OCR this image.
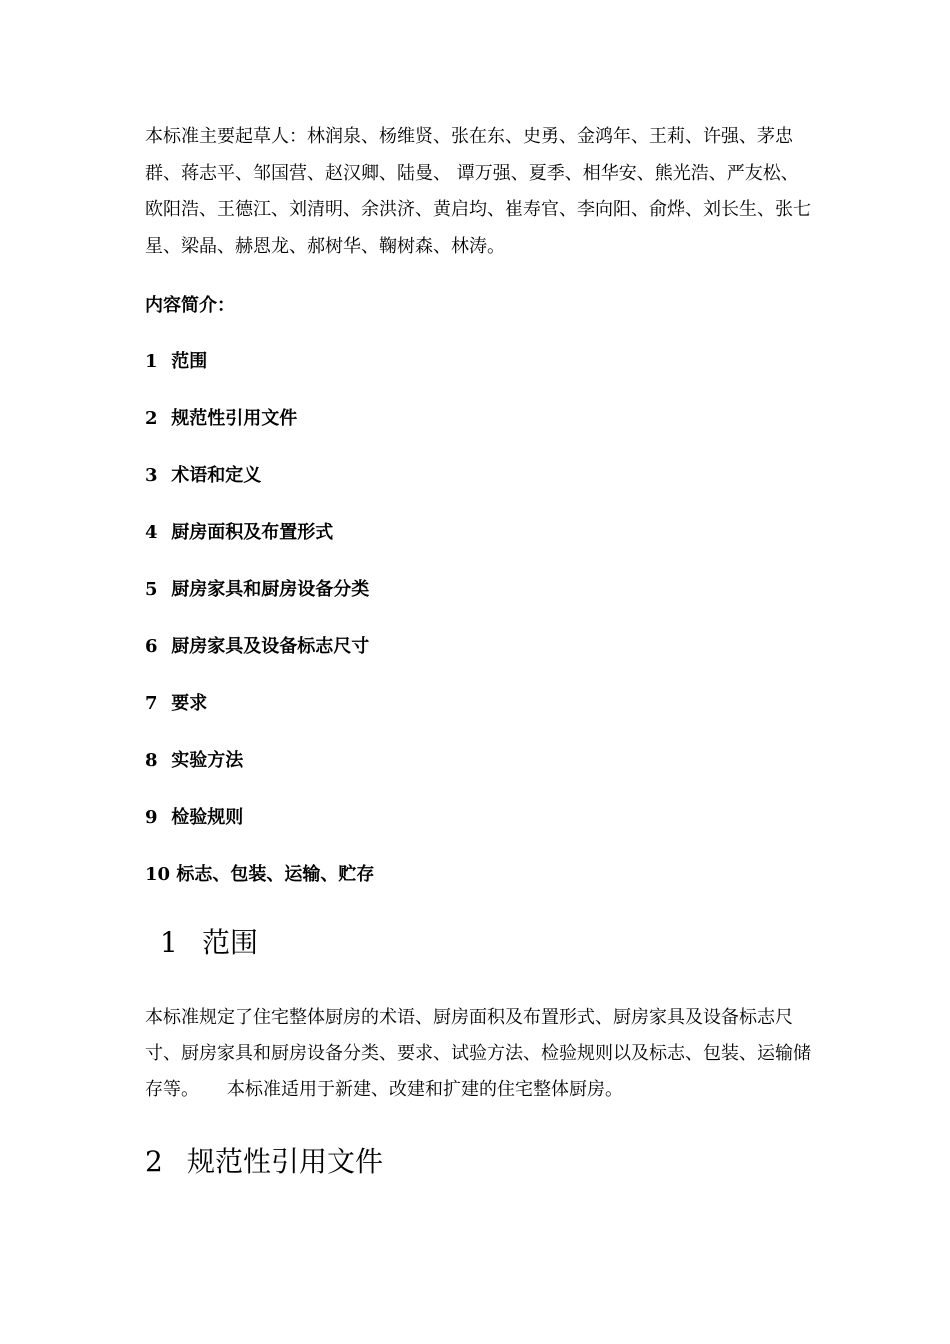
本标准主要起草人：林润泉、杨维贤、张在东、史勇、金鸿年、王莉、许强、茅忠群、蒋志平、邹国营、赵汉卿、陆曼、 谭万强、夏季、相华安、熊光浩、严友松、欧阳浩、王德江、刘清明、余洪济、黄启均、崔寿官、李向阳、俞烨、刘长生、张七星、梁晶、赫恩龙、郝树华、鞠树森、林涛。

内容简介：
1 范围
2 规范性引用文件
3 术语和定义
4 厨房面积及布置形式
5 厨房家具和厨房设备分类
6 厨房家具及设备标志尺寸
7 要求
8 实验方法
9 检验规则
10 标志、包装、运输、贮存
1 范围

本标准规定了住宅整体厨房的术语、厨房面积及布置形式、厨房家具及设备标志尺寸、厨房家具和厨房设备分类、要求、试验方法、检验规则以及标志、包装、运输储存等。 本标准适用于新建、改建和扩建的住宅整体厨房。

2 规范性引用文件
